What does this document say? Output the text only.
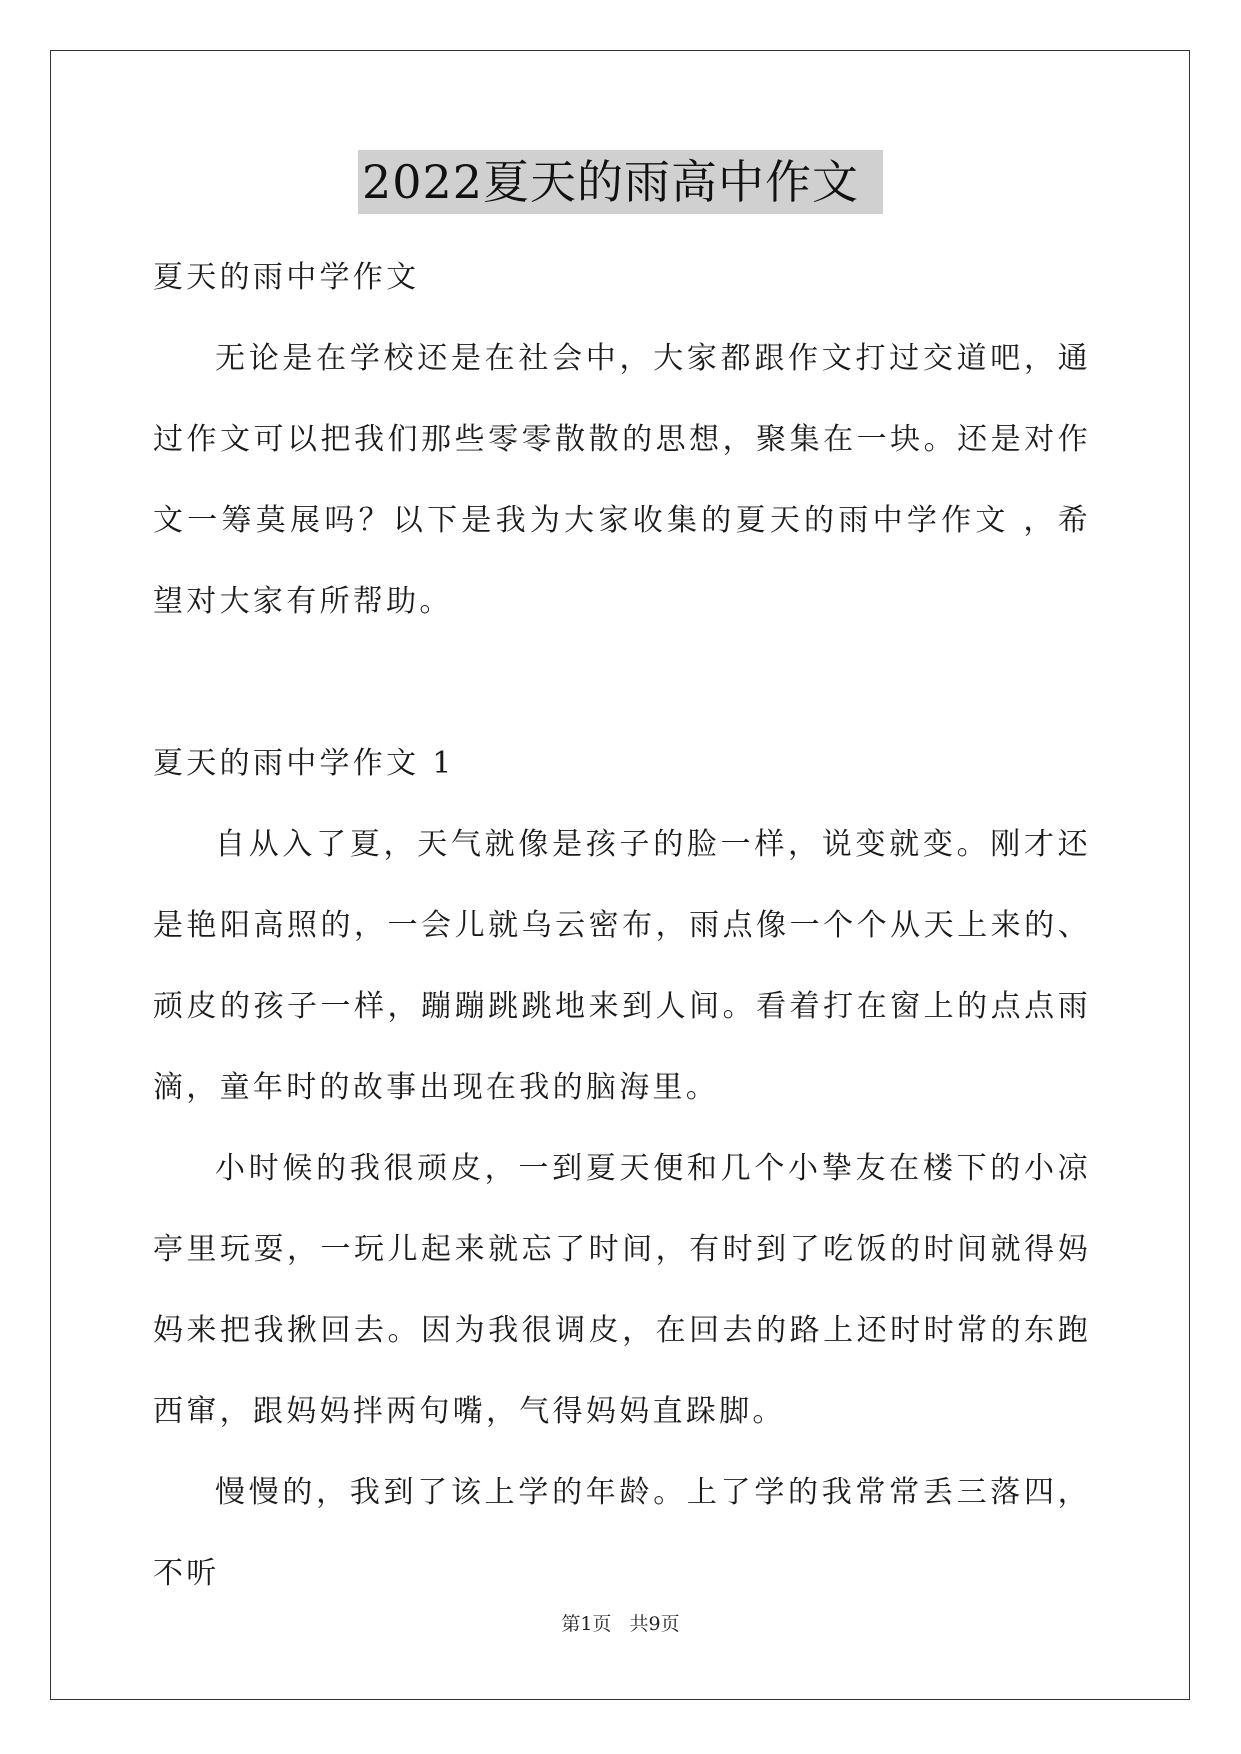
2022夏天的雨高中作文

夏天的雨中学作文

无论是在学校还是在社会中，大家都跟作文打过交道吧，通过作文可以把我们那些零零散散的思想，聚集在一块。还是对作文一筹莫展吗？以下是我为大家收集的夏天的雨中学作文 ，希望对大家有所帮助。

夏天的雨中学作文 1

自从入了夏，天气就像是孩子的脸一样，说变就变。刚才还是艳阳高照的，一会儿就乌云密布，雨点像一个个从天上来的、顽皮的孩子一样，蹦蹦跳跳地来到人间。看着打在窗上的点点雨滴，童年时的故事出现在我的脑海里。

小时候的我很顽皮，一到夏天便和几个小挚友在楼下的小凉亭里玩耍，一玩儿起来就忘了时间，有时到了吃饭的时间就得妈妈来把我揪回去。因为我很调皮，在回去的路上还时时常的东跑西窜，跟妈妈拌两句嘴，气得妈妈直跺脚。

慢慢的，我到了该上学的年龄。上了学的我常常丢三落四，不听

第1页   共9页
